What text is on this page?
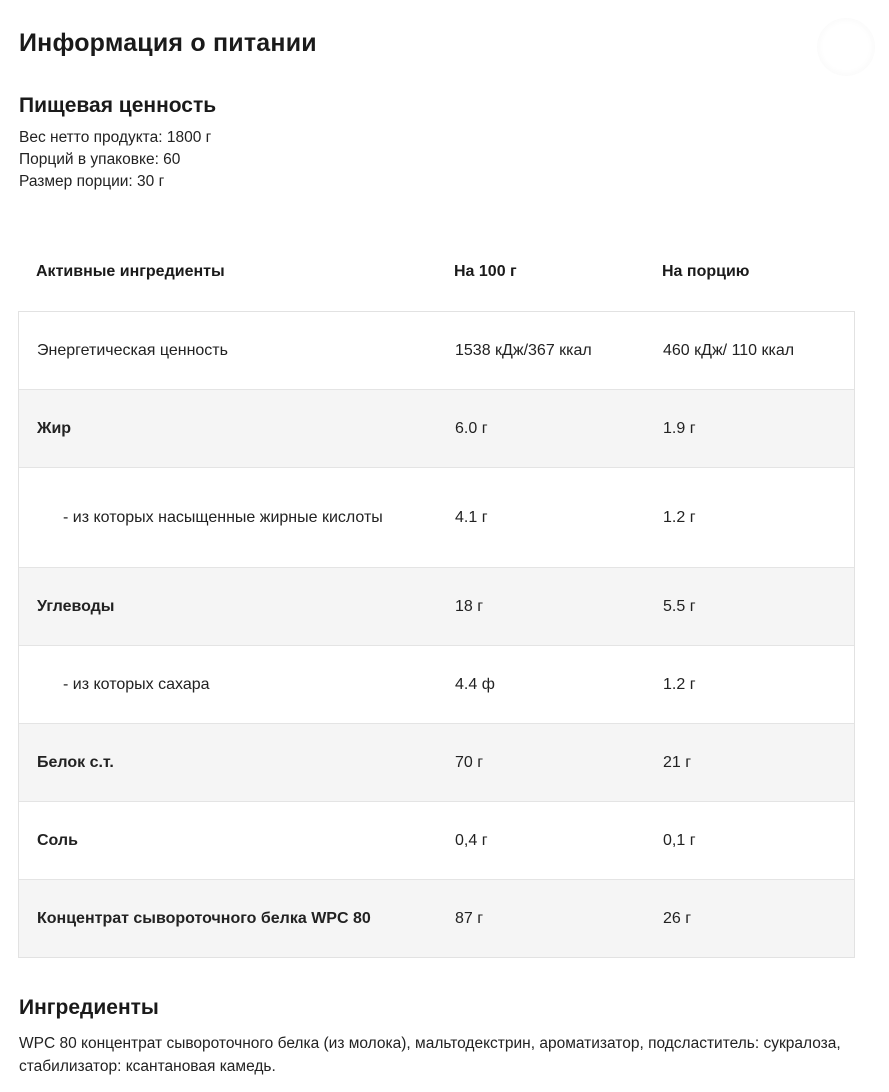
Информация о питании
Пищевая ценность
Вес нетто продукта: 1800 г
Порций в упаковке: 60
Размер порции: 30 г
Активные ингредиенты	На 100 г	На порцию
Энергетическая ценность	1538 кДж/367 ккал	460 кДж/ 110 ккал
Жир	6.0 г	1.9 г
- из которых насыщенные жирные кислоты	4.1 г	1.2 г
Углеводы	18 г	5.5 г
- из которых сахара	4.4 ф	1.2 г
Белок с.т.	70 г	21 г
Соль	0,4 г	0,1 г
Концентрат сывороточного белка WPC 80	87 г	26 г
Ингредиенты

WPC 80 концентрат сывороточного белка (из молока), мальтодекстрин, ароматизатор, подсластитель: сукралоза, стабилизатор: ксантановая камедь.
